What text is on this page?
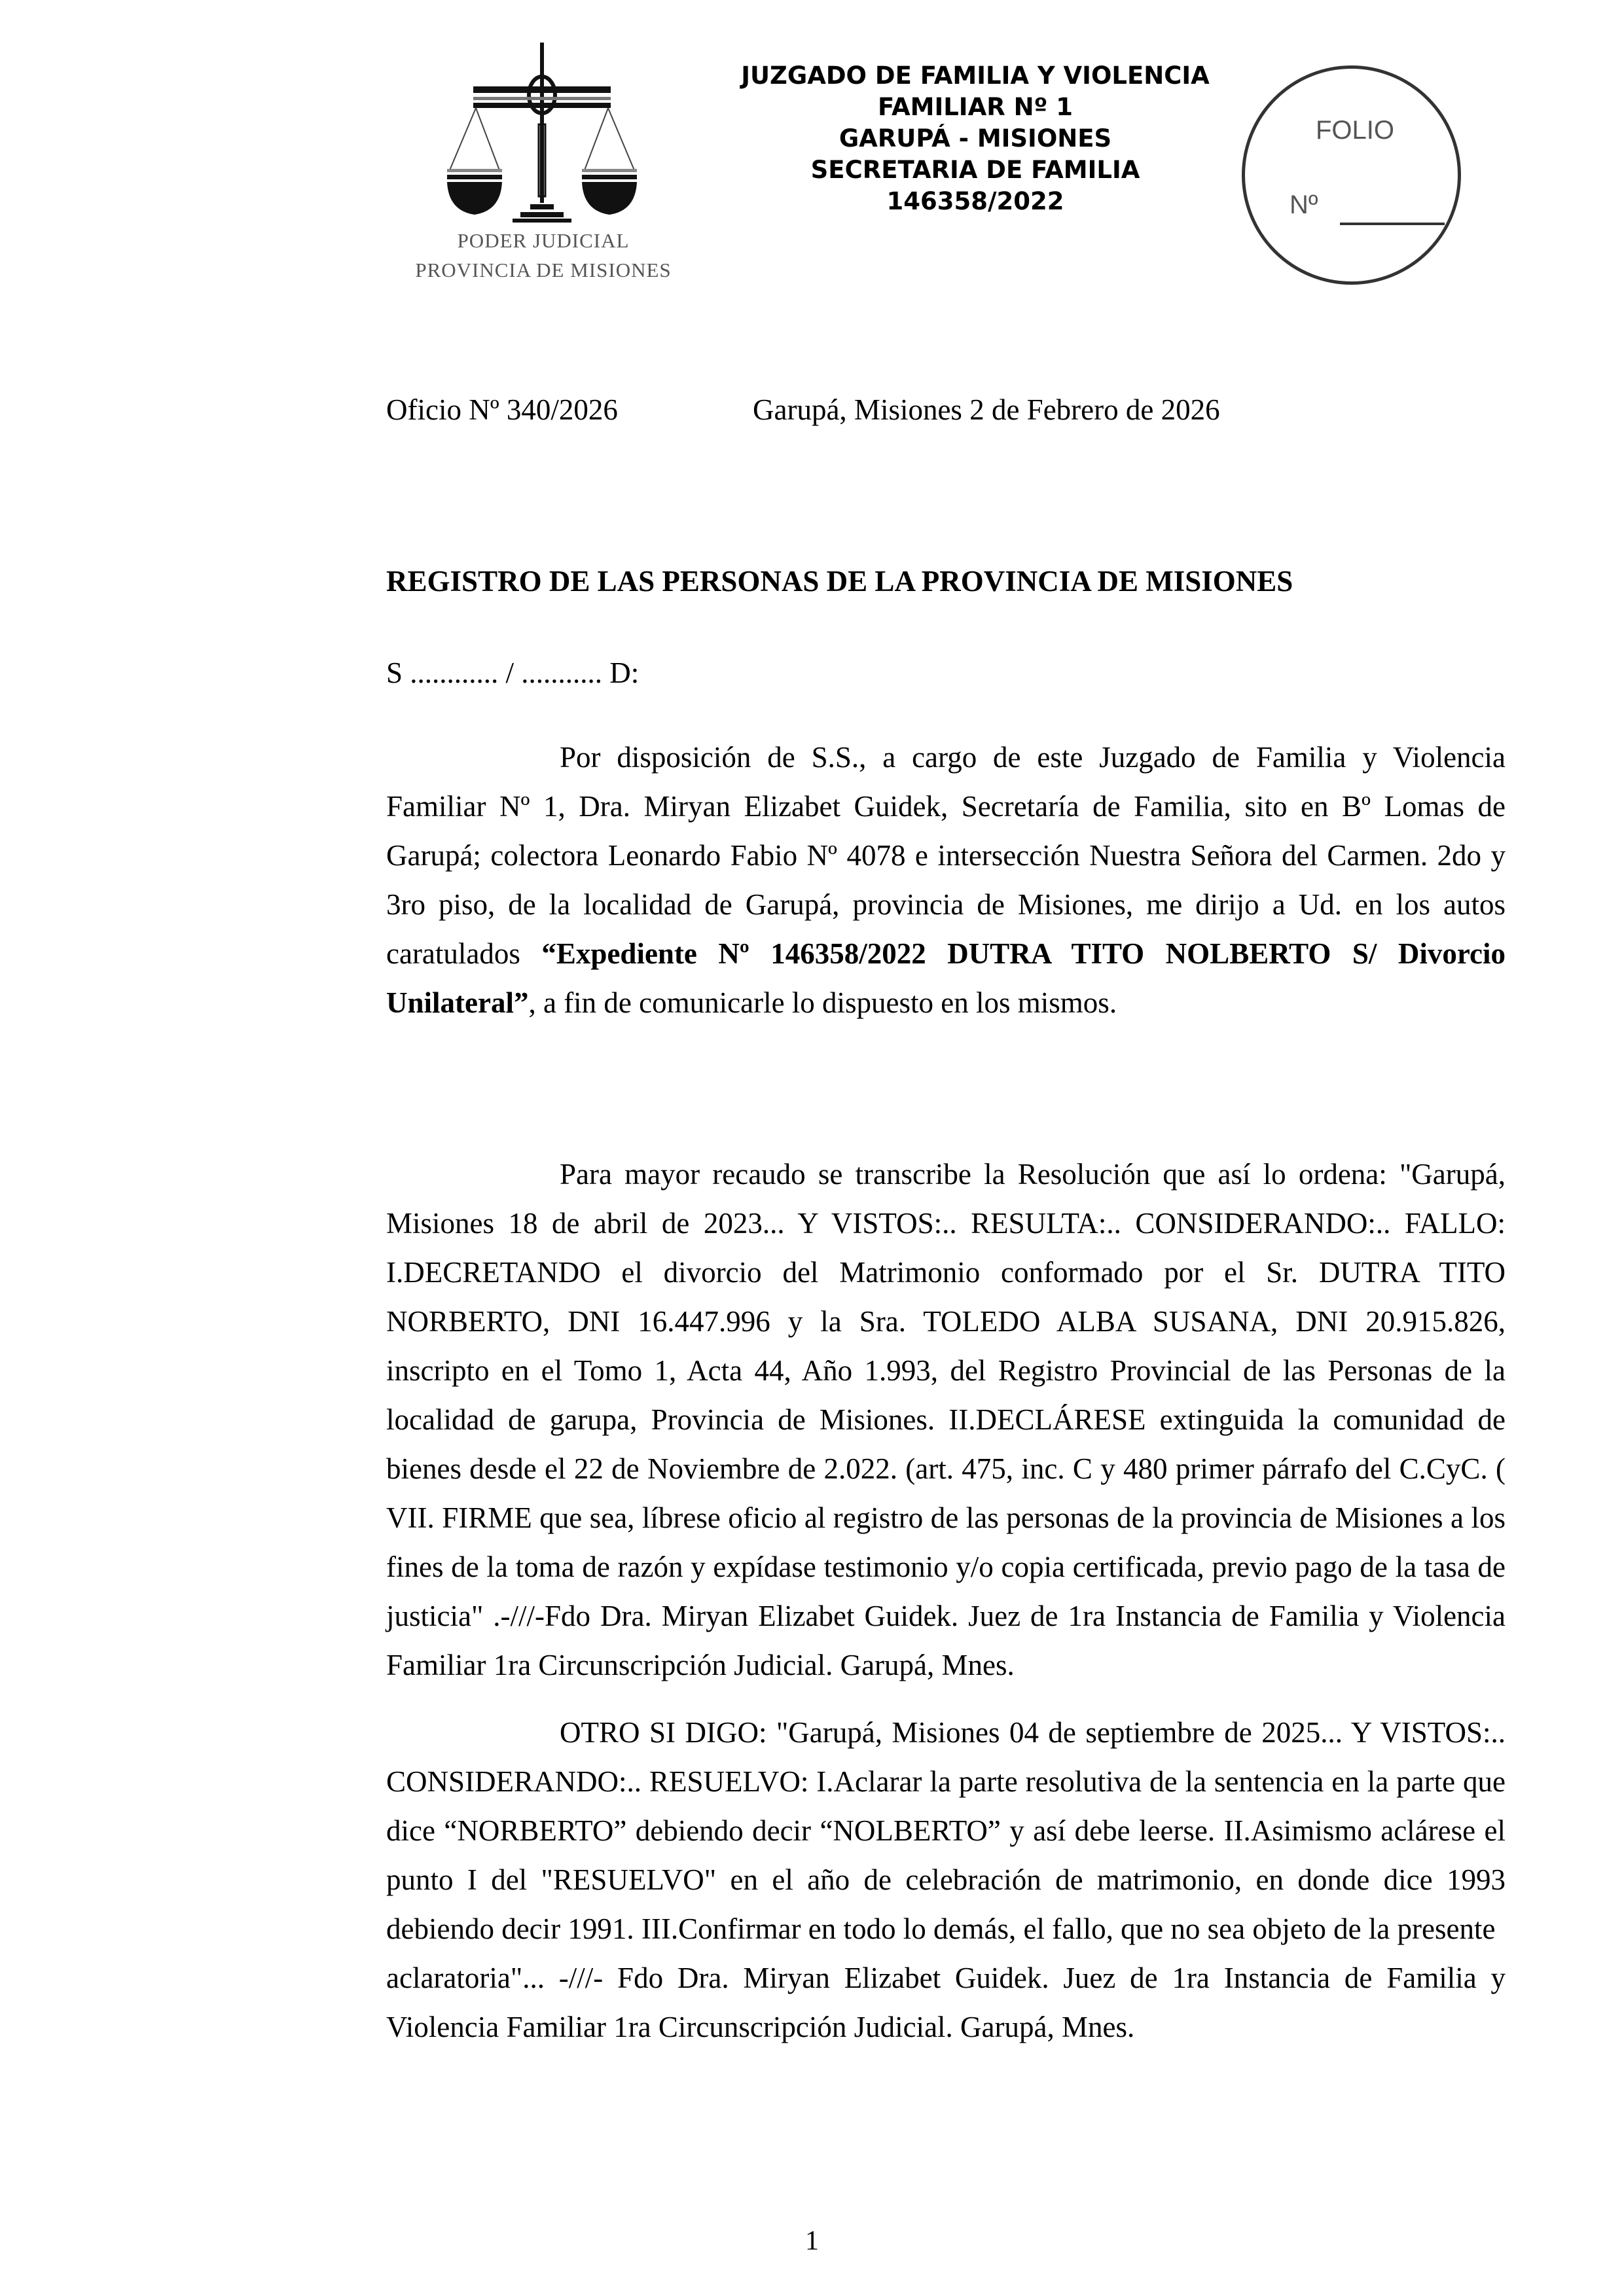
PODER JUDICIAL
PROVINCIA DE MISIONES
JUZGADO DE FAMILIA Y VIOLENCIA
FAMILIAR Nº 1
GARUPÁ - MISIONES
SECRETARIA DE FAMILIA
146358/2022
FOLIO
Nº
Oficio Nº 340/2026	Garupá, Misiones 2 de Febrero de 2026
REGISTRO DE LAS PERSONAS DE LA PROVINCIA DE MISIONES
S ............ / ........... D:
Por disposición de S.S., a cargo de este Juzgado de Familia y Violencia Familiar Nº 1, Dra. Miryan Elizabet Guidek, Secretaría de Familia, sito en Bº Lomas de Garupá; colectora Leonardo Fabio Nº 4078 e intersección Nuestra Señora del Carmen. 2do y 3ro piso, de la localidad de Garupá, provincia de Misiones, me dirijo a Ud. en los autos caratulados “Expediente Nº 146358/2022 DUTRA TITO NOLBERTO S/ Divorcio Unilateral”, a fin de comunicarle lo dispuesto en los mismos.
Para mayor recaudo se transcribe la Resolución que así lo ordena: "Garupá, Misiones 18 de abril de 2023... Y VISTOS:.. RESULTA:.. CONSIDERANDO:.. FALLO: I.DECRETANDO el divorcio del Matrimonio conformado por el Sr. DUTRA TITO NORBERTO, DNI 16.447.996 y la Sra. TOLEDO ALBA SUSANA, DNI 20.915.826, inscripto en el Tomo 1, Acta 44, Año 1.993, del Registro Provincial de las Personas de la localidad de garupa, Provincia de Misiones. II.DECLÁRESE extinguida la comunidad de bienes desde el 22 de Noviembre de 2.022. (art. 475, inc. C y 480 primer párrafo del C.CyC. ( VII. FIRME que sea, líbrese oficio al registro de las personas de la provincia de Misiones a los fines de la toma de razón y expídase testimonio y/o copia certificada, previo pago de la tasa de justicia" .-///-Fdo Dra. Miryan Elizabet Guidek. Juez de 1ra Instancia de Familia y Violencia Familiar 1ra Circunscripción Judicial. Garupá, Mnes.
OTRO SI DIGO: "Garupá, Misiones 04 de septiembre de 2025... Y VISTOS:.. CONSIDERANDO:.. RESUELVO: I.Aclarar la parte resolutiva de la sentencia en la parte que dice “NORBERTO” debiendo decir “NOLBERTO” y así debe leerse. II.Asimismo aclárese el punto I del "RESUELVO" en el año de celebración de matrimonio, en donde dice 1993 debiendo decir 1991. III.Confirmar en todo lo demás, el fallo, que no sea objeto de la presente
aclaratoria"... -///- Fdo Dra. Miryan Elizabet Guidek. Juez de 1ra Instancia de Familia y Violencia Familiar 1ra Circunscripción Judicial. Garupá, Mnes.
1
